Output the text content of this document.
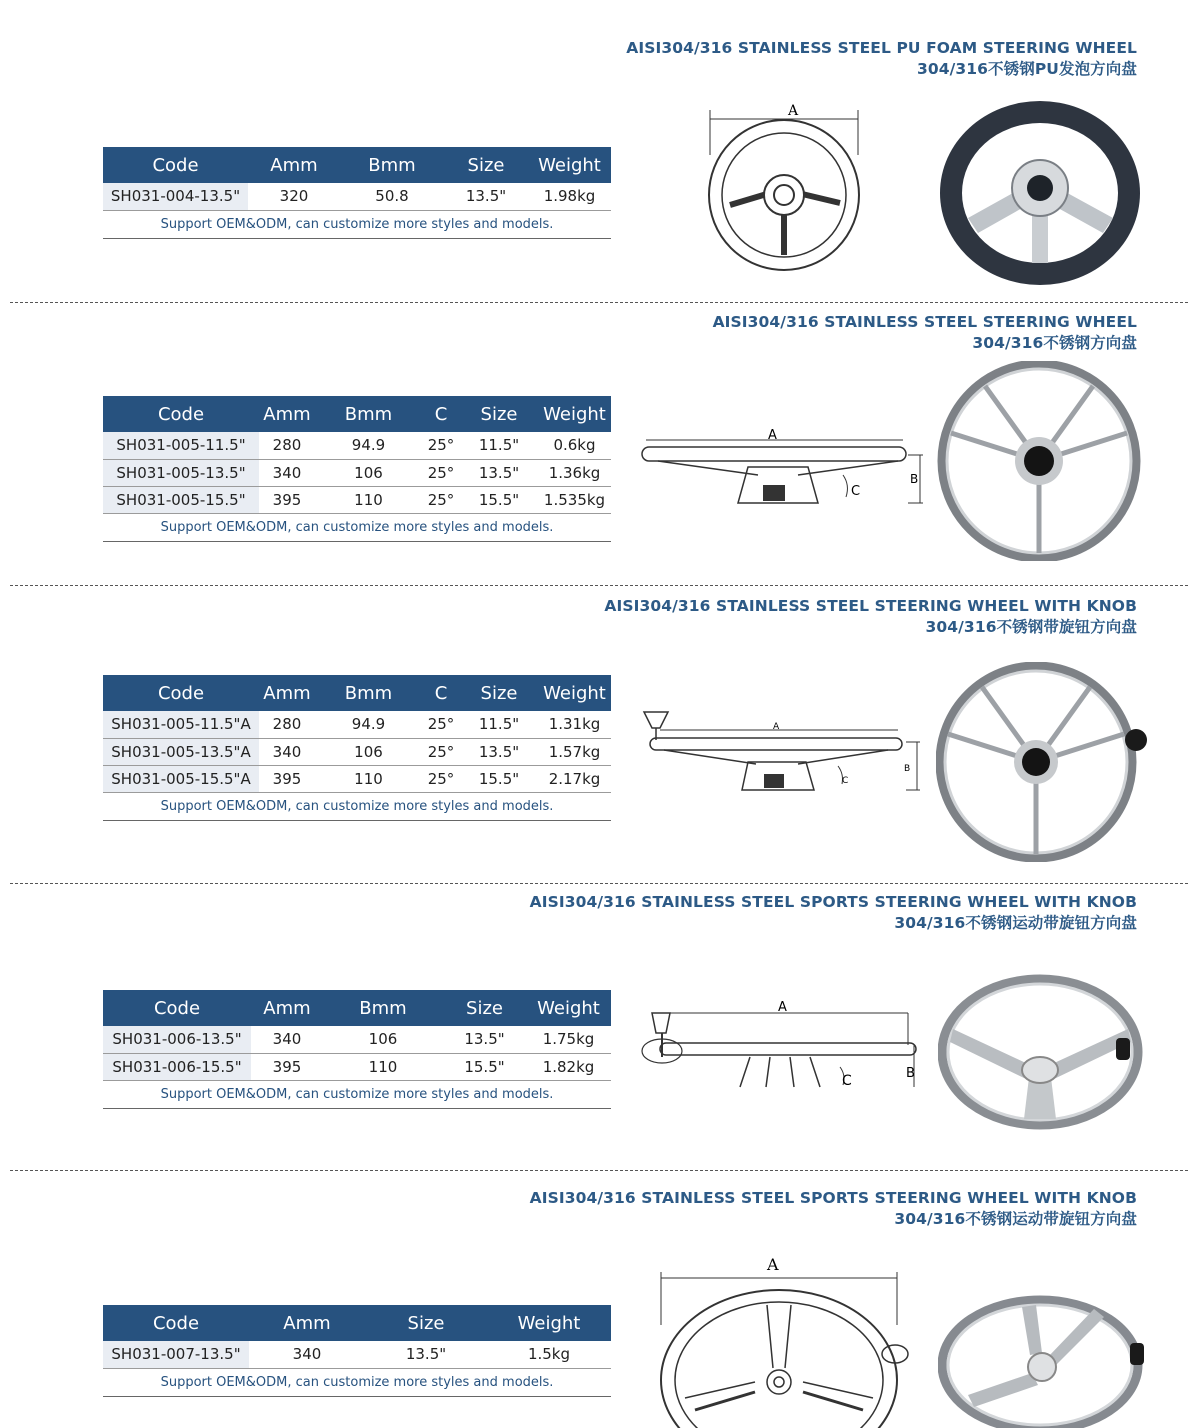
AISI304/316 STAINLESS STEEL PU FOAM STEERING WHEEL
304/316不锈钢PU发泡方向盘
Code	Amm	Bmm	Size	Weight
SH031-004-13.5"	320	50.8	13.5"	1.98kg
Support OEM&ODM, can customize more styles and models.				
A
AISI304/316 STAINLESS STEEL STEERING WHEEL
304/316不锈钢方向盘
Code	Amm	Bmm	C	Size	Weight
SH031-005-11.5"	280	94.9	25°	11.5"	0.6kg
SH031-005-13.5"	340	106	25°	13.5"	1.36kg
SH031-005-15.5"	395	110	25°	15.5"	1.535kg
Support OEM&ODM, can customize more styles and models.					
A
B
C
AISI304/316 STAINLESS STEEL STEERING WHEEL WITH KNOB
304/316不锈钢带旋钮方向盘
Code	Amm	Bmm	C	Size	Weight
SH031-005-11.5"A	280	94.9	25°	11.5"	1.31kg
SH031-005-13.5"A	340	106	25°	13.5"	1.57kg
SH031-005-15.5"A	395	110	25°	15.5"	2.17kg
Support OEM&ODM, can customize more styles and models.					
A
B
C
AISI304/316 STAINLESS STEEL SPORTS STEERING WHEEL WITH KNOB
304/316不锈钢运动带旋钮方向盘
Code	Amm	Bmm	Size	Weight
SH031-006-13.5"	340	106	13.5"	1.75kg
SH031-006-15.5"	395	110	15.5"	1.82kg
Support OEM&ODM, can customize more styles and models.				
A
C	B
AISI304/316 STAINLESS STEEL SPORTS STEERING WHEEL WITH KNOB
304/316不锈钢运动带旋钮方向盘
Code	Amm	Size	Weight
SH031-007-13.5"	340	13.5"	1.5kg
Support OEM&ODM, can customize more styles and models.			
A
